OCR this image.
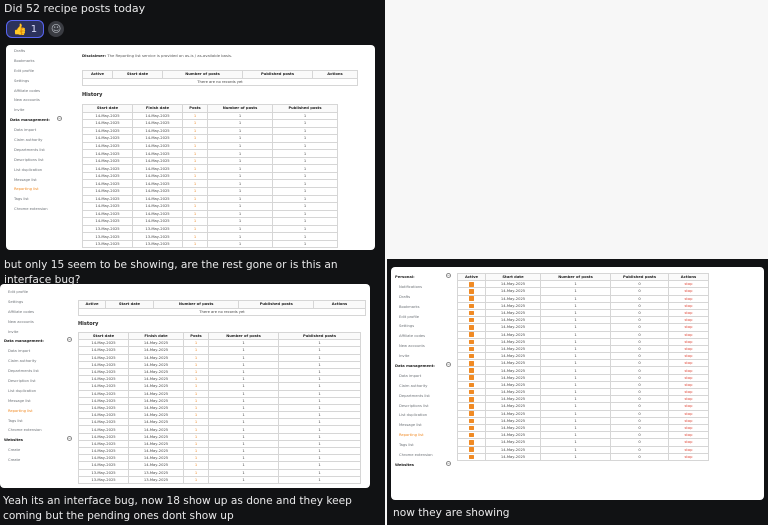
Did 52 recipe posts today
👍 1 ☺
Drafts
Bookmarks
Edit profile
Settings
Affiliate codes
New accounts
Invite
Data management: −
Data import
Claim authority
Departments list
Descriptions list
List duplication
Message list
Reporting list
Tags list
Chrome extension
Disclaimer: The Reporting list service is provided on as-is / as-available basis.
Active	Start date	Number of posts	Published posts	Actions
There are no records yet
History
Start date	Finish date	Posts	Number of posts	Published posts
14-May-2025	14-May-2025	1	1	1
14-May-2025	14-May-2025	1	1	1
14-May-2025	14-May-2025	1	1	1
14-May-2025	14-May-2025	1	1	1
14-May-2025	14-May-2025	1	1	1
14-May-2025	14-May-2025	1	1	1
14-May-2025	14-May-2025	1	1	1
14-May-2025	14-May-2025	1	1	1
14-May-2025	14-May-2025	1	1	1
14-May-2025	14-May-2025	1	1	1
14-May-2025	14-May-2025	1	1	1
14-May-2025	14-May-2025	1	1	1
14-May-2025	14-May-2025	1	1	1
14-May-2025	14-May-2025	1	1	1
14-May-2025	14-May-2025	1	1	1
13-May-2025	13-May-2025	1	1	1
13-May-2025	13-May-2025	1	1	1
13-May-2025	13-May-2025	1	1	1
Edit profile
Settings
Affiliate codes
New accounts
Invite
Data management:	−
Data import
Claim authority
Departments list
Description list
List duplication
Message list
Reporting list
Tags list
Chrome extension
Websites	−
Create
Create
Active	Start date	Number of posts	Published posts	Actions
There are no records yet
History
Start date	Finish date	Posts	Number of posts	Published posts
14-May-2025	14-May-2025	1	1	1
14-May-2025	14-May-2025	1	1	1
14-May-2025	14-May-2025	1	1	1
14-May-2025	14-May-2025	1	1	1
14-May-2025	14-May-2025	1	1	1
14-May-2025	14-May-2025	1	1	1
14-May-2025	14-May-2025	1	1	1
14-May-2025	14-May-2025	1	1	1
14-May-2025	14-May-2025	1	1	1
14-May-2025	14-May-2025	1	1	1
14-May-2025	14-May-2025	1	1	1
14-May-2025	14-May-2025	1	1	1
14-May-2025	14-May-2025	1	1	1
14-May-2025	14-May-2025	1	1	1
14-May-2025	14-May-2025	1	1	1
14-May-2025	14-May-2025	1	1	1
14-May-2025	14-May-2025	1	1	1
14-May-2025	14-May-2025	1	1	1
13-May-2025	13-May-2025	1	1	1
13-May-2025	13-May-2025	1	1	1
Yeah its an interface bug, now 18 show up as done and they keep coming but the pending ones dont show up
but only 15 seem to be showing, are the rest gone or is this an interface bug?	Personal:	−
Notifications
Drafts
Bookmarks
Edit profile
Settings
Affiliate codes
New accounts
Invite
Data management:	−
Data import
Claim authority
Departments list
Descriptions list
List duplication
Message list
Reporting list
Tags list
Chrome extension
Websites	−
Active	Start date	Number of posts	Published posts	Actions
	14-May-2025	1	0	stop
	14-May-2025	1	0	stop
	14-May-2025	1	0	stop
	14-May-2025	1	0	stop
	14-May-2025	1	0	stop
	14-May-2025	1	0	stop
	14-May-2025	1	0	stop
	14-May-2025	1	0	stop
	14-May-2025	1	0	stop
	14-May-2025	1	0	stop
	14-May-2025	1	0	stop
	14-May-2025	1	0	stop
	14-May-2025	1	0	stop
	14-May-2025	1	0	stop
	14-May-2025	1	0	stop
	14-May-2025	1	0	stop
	14-May-2025	1	0	stop
	14-May-2025	1	0	stop
	14-May-2025	1	0	stop
	14-May-2025	1	0	stop
	14-May-2025	1	0	stop
	14-May-2025	1	0	stop
	14-May-2025	1	0	stop
	14-May-2025	1	0	stop
	14-May-2025	1	0	stop
now they are showing
